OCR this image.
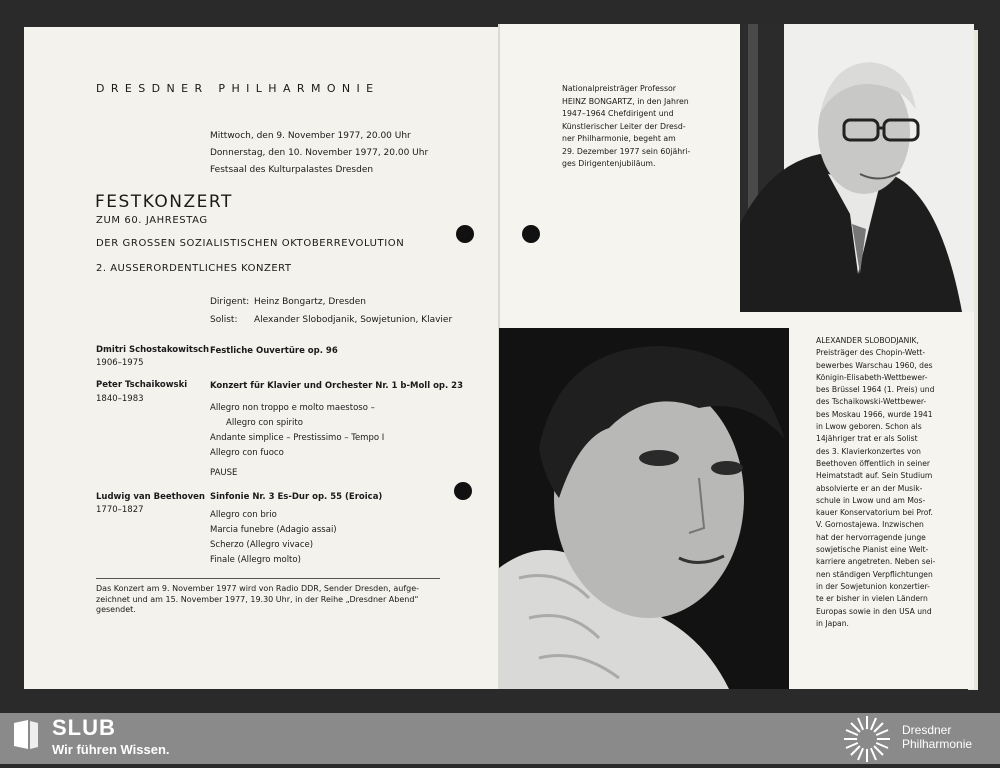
DRESDNER PHILHARMONIE
Mittwoch, den 9. November 1977, 20.00 Uhr
Donnerstag, den 10. November 1977, 20.00 Uhr
Festsaal des Kulturpalastes Dresden
FESTKONZERT
ZUM 60. JAHRESTAG
DER GROSSEN SOZIALISTISCHEN OKTOBERREVOLUTION
2. AUSSERORDENTLICHES KONZERT
Dirigent: Heinz Bongartz, Dresden
Solist: Alexander Slobodjanik, Sowjetunion, Klavier
Dmitri Schostakowitsch
1906–1975
Festliche Ouvertüre op. 96
Peter Tschaikowski
1840–1983
Konzert für Klavier und Orchester Nr. 1 b-Moll op. 23
Allegro non troppo e molto maestoso –
Allegro con spirito
Andante simplice – Prestissimo – Tempo I
Allegro con fuoco
PAUSE
Ludwig van Beethoven
1770–1827
Sinfonie Nr. 3 Es-Dur op. 55 (Eroica)
Allegro con brio
Marcia funebre (Adagio assai)
Scherzo (Allegro vivace)
Finale (Allegro molto)
Das Konzert am 9. November 1977 wird von Radio DDR, Sender Dresden, aufge-
zeichnet und am 15. November 1977, 19.30 Uhr, in der Reihe „Dresdner Abend“
gesendet.
Nationalpreisträger Professor
HEINZ BONGARTZ, in den Jahren
1947–1964 Chefdirigent und
Künstlerischer Leiter der Dresd-
ner Philharmonie, begeht am
29. Dezember 1977 sein 60jähri-
ges Dirigentenjubiläum.
ALEXANDER SLOBODJANIK,
Preisträger des Chopin-Wett-
bewerbes Warschau 1960, des
Königin-Elisabeth-Wettbewer-
bes Brüssel 1964 (1. Preis) und
des Tschaikowski-Wettbewer-
bes Moskau 1966, wurde 1941
in Lwow geboren. Schon als
14jähriger trat er als Solist
des 3. Klavierkonzertes von
Beethoven öffentlich in seiner
Heimatstadt auf. Sein Studium
absolvierte er an der Musik-
schule in Lwow und am Mos-
kauer Konservatorium bei Prof.
V. Gornostajewa. Inzwischen
hat der hervorragende junge
sowjetische Pianist eine Welt-
karriere angetreten. Neben sei-
nen ständigen Verpflichtungen
in der Sowjetunion konzertier-
te er bisher in vielen Ländern
Europas sowie in den USA und
in Japan.
SLUB
Wir führen Wissen.
Dresdner
Philharmonie
